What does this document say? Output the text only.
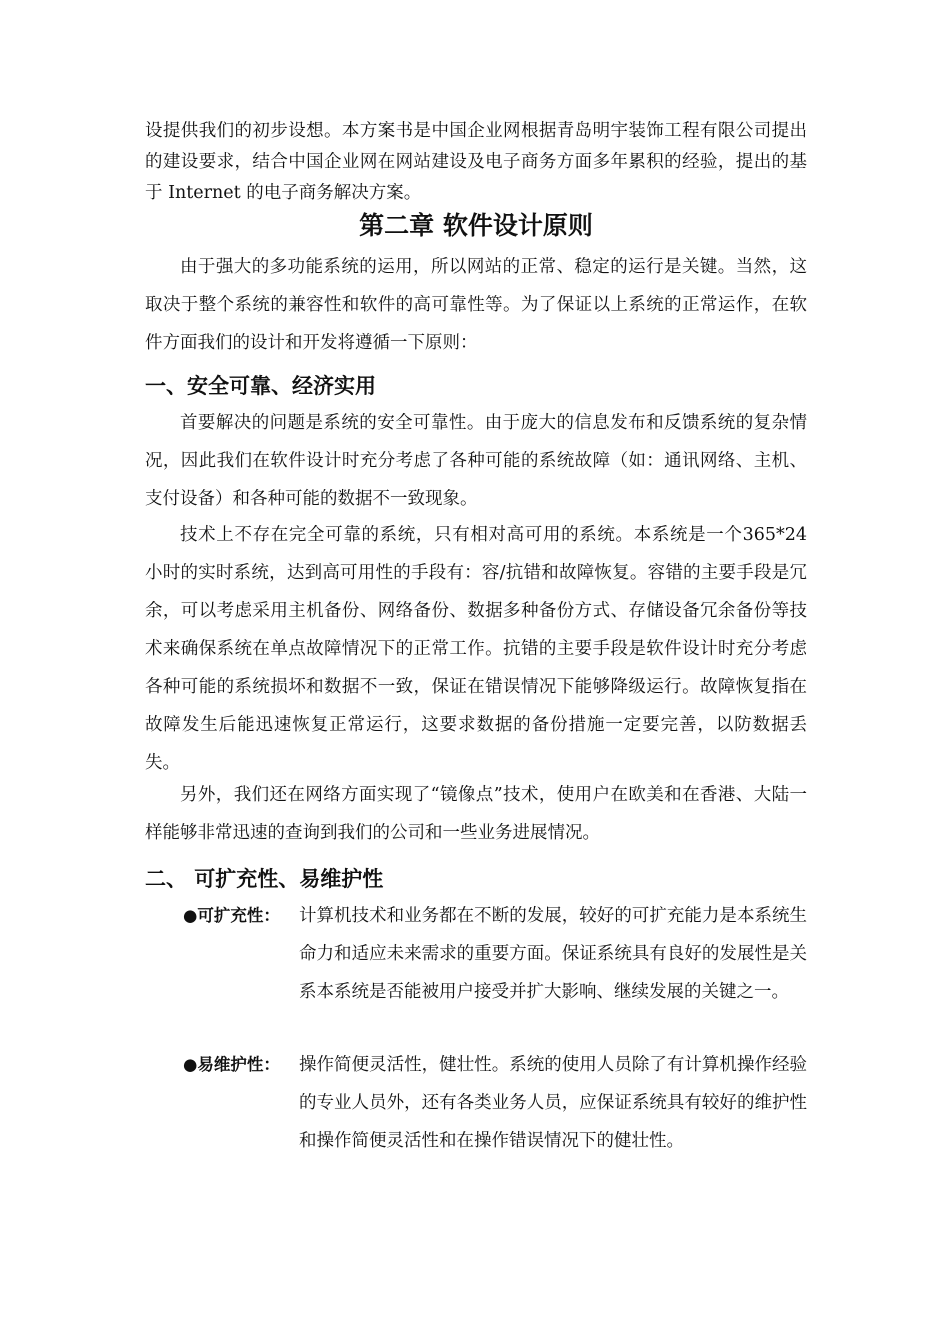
设提供我们的初步设想。本方案书是中国企业网根据青岛明宇装饰工程有限公司提出的建设要求，结合中国企业网在网站建设及电子商务方面多年累积的经验，提出的基于 Internet 的电子商务解决方案。
第二章 软件设计原则
由于强大的多功能系统的运用，所以网站的正常、稳定的运行是关键。当然，这取决于整个系统的兼容性和软件的高可靠性等。为了保证以上系统的正常运作，在软件方面我们的设计和开发将遵循一下原则：
一、安全可靠、经济实用
首要解决的问题是系统的安全可靠性。由于庞大的信息发布和反馈系统的复杂情况，因此我们在软件设计时充分考虑了各种可能的系统故障（如：通讯网络、主机、支付设备）和各种可能的数据不一致现象。
技术上不存在完全可靠的系统，只有相对高可用的系统。本系统是一个365*24 小时的实时系统，达到高可用性的手段有：容/抗错和故障恢复。容错的主要手段是冗余，可以考虑采用主机备份、网络备份、数据多种备份方式、存储设备冗余备份等技术来确保系统在单点故障情况下的正常工作。抗错的主要手段是软件设计时充分考虑各种可能的系统损坏和数据不一致，保证在错误情况下能够降级运行。故障恢复指在故障发生后能迅速恢复正常运行，这要求数据的备份措施一定要完善，以防数据丢失。
另外，我们还在网络方面实现了“镜像点”技术，使用户在欧美和在香港、大陆一样能够非常迅速的查询到我们的公司和一些业务进展情况。
二、 可扩充性、易维护性
●可扩充性：	计算机技术和业务都在不断的发展，较好的可扩充能力是本系统生命力和适应未来需求的重要方面。保证系统具有良好的发展性是关系本系统是否能被用户接受并扩大影响、继续发展的关键之一。
●易维护性：	操作简便灵活性，健壮性。系统的使用人员除了有计算机操作经验的专业人员外，还有各类业务人员，应保证系统具有较好的维护性和操作简便灵活性和在操作错误情况下的健壮性。
